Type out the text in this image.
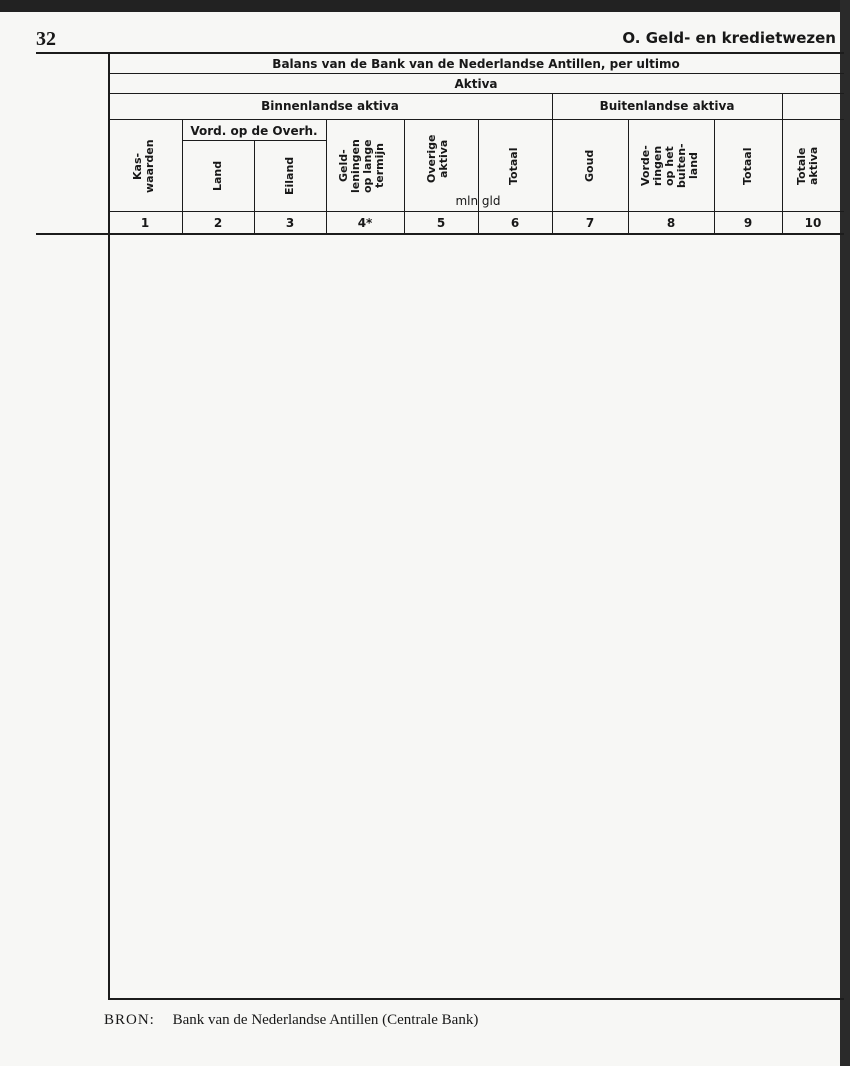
32	O. Geld- en kredietwezen
Balans van de Bank van de Nederlandse Antillen, per ultimo
Aktiva
Binnenlandse aktiva	Buitenlandse aktiva
Vord. op de Overh.
Kas-
waarden	Land	Eiland	Geld-
leningen
op lange
termijn	Overige
aktiva	Totaal	Goud	Vorde-
ringen
op het
buiten-
land	Totaal	Totale
aktiva
mln gld
1	2	3	4*	5	6	7	8	9	10
BRON: Bank van de Nederlandse Antillen (Centrale Bank)
